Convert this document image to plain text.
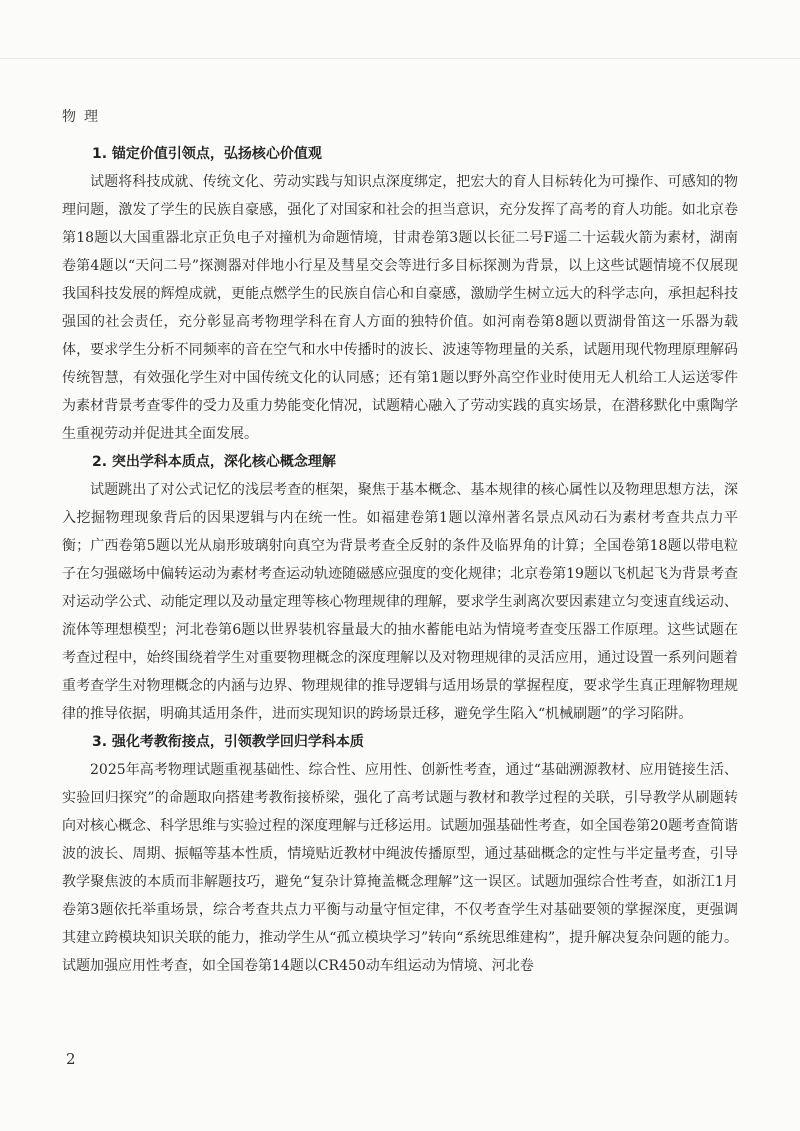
物理
1. 锚定价值引领点，弘扬核心价值观

试题将科技成就、传统文化、劳动实践与知识点深度绑定，把宏大的育人目标转化为可操作、可感知的物理问题，激发了学生的民族自豪感，强化了对国家和社会的担当意识，充分发挥了高考的育人功能。如北京卷第18题以大国重器北京正负电子对撞机为命题情境，甘肃卷第3题以长征二号F遥二十运载火箭为素材，湖南卷第4题以“天问二号”探测器对伴地小行星及彗星交会等进行多目标探测为背景，以上这些试题情境不仅展现我国科技发展的辉煌成就，更能点燃学生的民族自信心和自豪感，激励学生树立远大的科学志向，承担起科技强国的社会责任，充分彰显高考物理学科在育人方面的独特价值。如河南卷第8题以贾湖骨笛这一乐器为载体，要求学生分析不同频率的音在空气和水中传播时的波长、波速等物理量的关系，试题用现代物理原理解码传统智慧，有效强化学生对中国传统文化的认同感；还有第1题以野外高空作业时使用无人机给工人运送零件为素材背景考查零件的受力及重力势能变化情况，试题精心融入了劳动实践的真实场景，在潜移默化中熏陶学生重视劳动并促进其全面发展。

2. 突出学科本质点，深化核心概念理解

试题跳出了对公式记忆的浅层考查的框架，聚焦于基本概念、基本规律的核心属性以及物理思想方法，深入挖掘物理现象背后的因果逻辑与内在统一性。如福建卷第1题以漳州著名景点风动石为素材考查共点力平衡；广西卷第5题以光从扇形玻璃射向真空为背景考查全反射的条件及临界角的计算；全国卷第18题以带电粒子在匀强磁场中偏转运动为素材考查运动轨迹随磁感应强度的变化规律；北京卷第19题以飞机起飞为背景考查对运动学公式、动能定理以及动量定理等核心物理规律的理解，要求学生剥离次要因素建立匀变速直线运动、流体等理想模型；河北卷第6题以世界装机容量最大的抽水蓄能电站为情境考查变压器工作原理。这些试题在考查过程中，始终围绕着学生对重要物理概念的深度理解以及对物理规律的灵活应用，通过设置一系列问题着重考查学生对物理概念的内涵与边界、物理规律的推导逻辑与适用场景的掌握程度，要求学生真正理解物理规律的推导依据，明确其适用条件，进而实现知识的跨场景迁移，避免学生陷入“机械刷题”的学习陷阱。

3. 强化考教衔接点，引领教学回归学科本质

2025年高考物理试题重视基础性、综合性、应用性、创新性考查，通过“基础溯源教材、应用链接生活、实验回归探究”的命题取向搭建考教衔接桥梁，强化了高考试题与教材和教学过程的关联，引导教学从刷题转向对核心概念、科学思维与实验过程的深度理解与迁移运用。试题加强基础性考查，如全国卷第20题考查简谐波的波长、周期、振幅等基本性质，情境贴近教材中绳波传播原型，通过基础概念的定性与半定量考查，引导教学聚焦波的本质而非解题技巧，避免“复杂计算掩盖概念理解”这一误区。试题加强综合性考查，如浙江1月卷第3题依托举重场景，综合考查共点力平衡与动量守恒定律，不仅考查学生对基础要领的掌握深度，更强调其建立跨模块知识关联的能力，推动学生从“孤立模块学习”转向“系统思维建构”，提升解决复杂问题的能力。试题加强应用性考查，如全国卷第14题以CR450动车组运动为情境、河北卷

2
